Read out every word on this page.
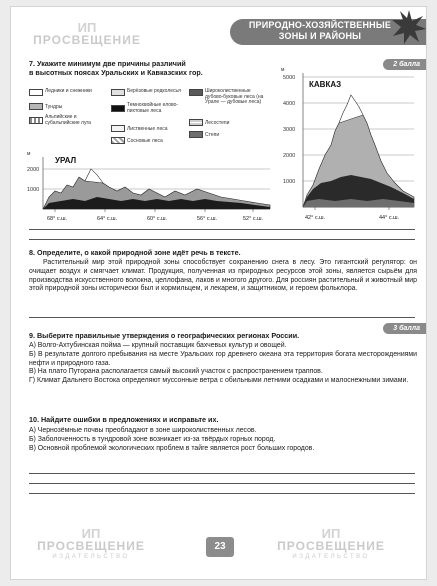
ПРИРОДНО-ХОЗЯЙСТВЕННЫЕ
ЗОНЫ И РАЙОНЫ
ИП
ПРОСВЕЩЕНИЕ
7. Укажите минимум две причины различий
в высотных поясах Уральских и Кавказских гор.
2 балла
Ледники и снежники
Тундры
Альпийские и субальпийские луга
Берёзовые редколесья
Темнохвойные елово-пихтовые леса
Лиственные леса
Сосновые леса
Широколиственные дубово-буковые леса (на Урале — дубовые леса)
Лесостепи
Степи
м
УРАЛ
1000
2000
68° с.ш.	64° с.ш.	60° с.ш.	56° с.ш.	52° с.ш.
м
КАВКАЗ
1000
2000
3000
4000
5000
42° с.ш.	44° с.ш.
8. Определите, о какой природной зоне идёт речь в тексте.
Растительный мир этой природной зоны способствует сохранению снега в лесу. Это гигантский регулятор: он очищает воздух и смягчает климат. Продукция, полученная из природных ресурсов этой зоны, является сырьём для производства искусственного волокна, целлофана, лаков и многого другого. Для россиян растительный и животный мир этой природной зоны исторически был и кормильцем, и лекарем, и защитником, и героем фольклора.
9. Выберите правильные утверждения о географических регионах России.
3 балла

А) Волго-Ахтубинская пойма — крупный поставщик бахчевых культур и овощей.

Б) В результате долгого пребывания на месте Уральских гор древнего океана эта территория богата месторождениями нефти и природного газа.

В) На плато Путорана располагается самый высокий участок с распространением траппов.

Г) Климат Дальнего Востока определяют муссонные ветра с обильными летними осадками и малоснежными зимами.

10. Найдите ошибки в предложениях и исправьте их.

А) Чернозёмные почвы преобладают в зоне широколиственных лесов.

Б) Заболоченность в тундровой зоне возникает из-за твёрдых горных пород.

В) Основной проблемой экологических проблем в тайге является рост больших городов.

ИП
ПРОСВЕЩЕНИЕ
ИЗДАТЕЛЬСТВО
ИП
ПРОСВЕЩЕНИЕ
ИЗДАТЕЛЬСТВО
23
